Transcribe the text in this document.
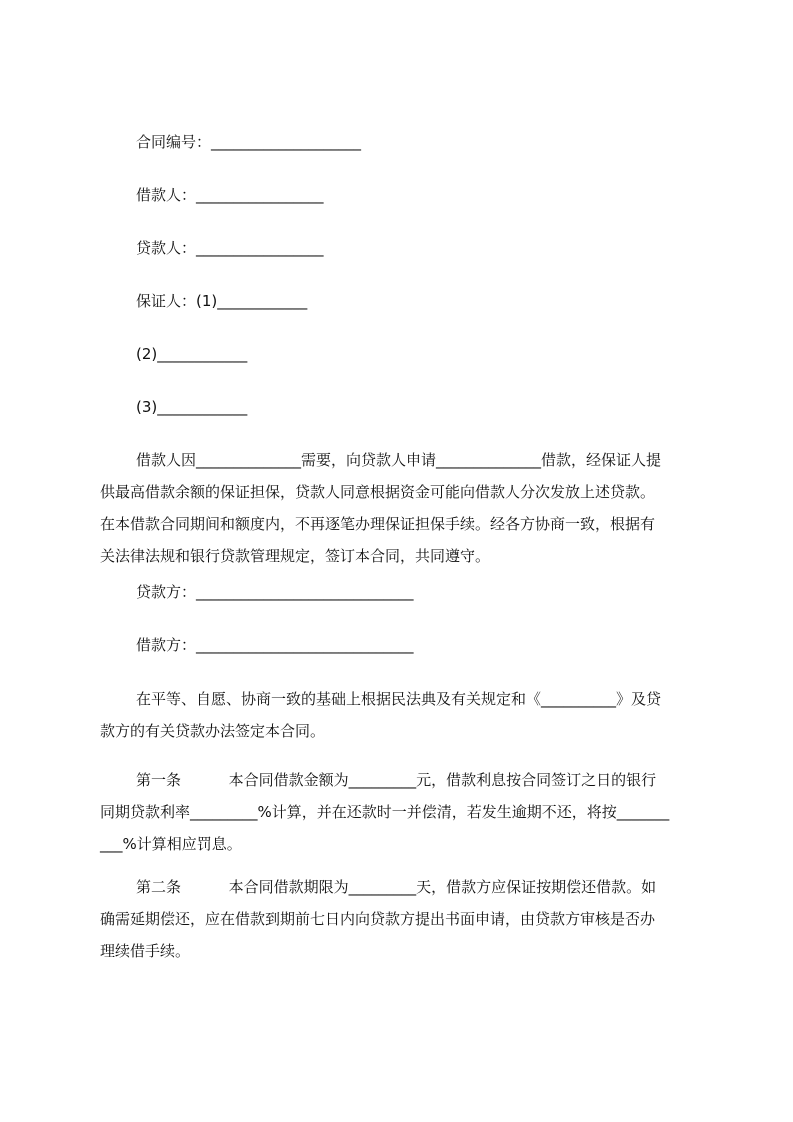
合同编号：____________________
借款人：_________________
贷款人：_________________
保证人：(1)____________
(2)____________
(3)____________
借款人因______________需要，向贷款人申请______________借款，经保证人提
供最高借款余额的保证担保，贷款人同意根据资金可能向借款人分次发放上述贷款。
在本借款合同期间和额度内，不再逐笔办理保证担保手续。经各方协商一致，根据有
关法律法规和银行贷款管理规定，签订本合同，共同遵守。
贷款方：_____________________________
借款方：_____________________________
在平等、自愿、协商一致的基础上根据民法典及有关规定和《__________》及贷
款方的有关贷款办法签定本合同。
第一条          本合同借款金额为_________元，借款利息按合同签订之日的银行
同期贷款利率_________%计算，并在还款时一并偿清，若发生逾期不还，将按_______
___%计算相应罚息。
第二条          本合同借款期限为_________天，借款方应保证按期偿还借款。如
确需延期偿还，应在借款到期前七日内向贷款方提出书面申请，由贷款方审核是否办
理续借手续。
